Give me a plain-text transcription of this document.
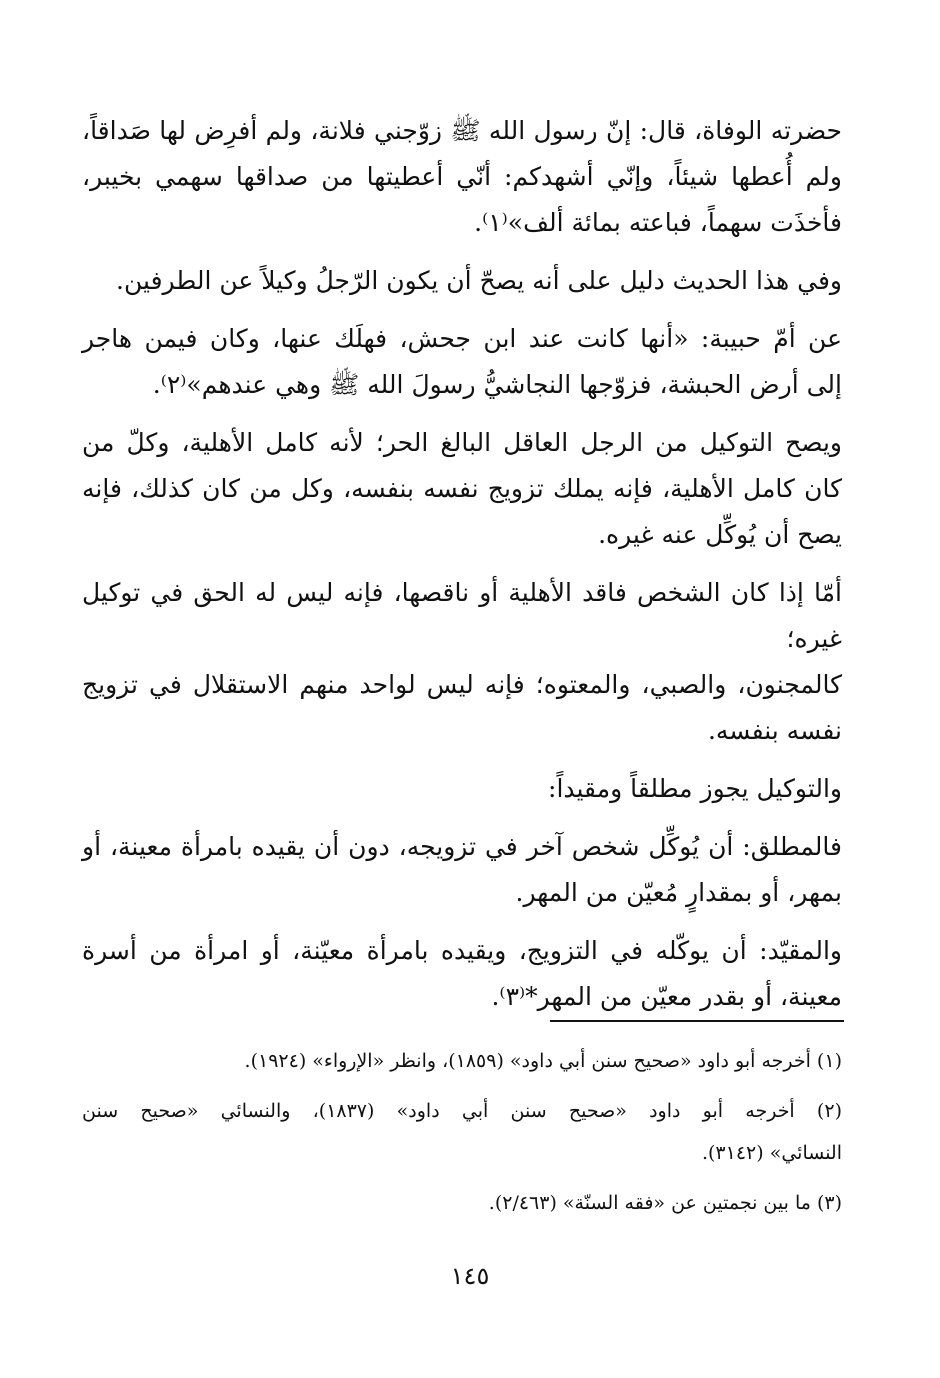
حضرته الوفاة، قال: إنّ رسول الله ﷺ زوّجني فلانة، ولم أفرِض لها صَداقاً،
ولم أُعطها شيئاً، وإنّي أشهدكم: أنّي أعطيتها من صداقها سهمي بخيبر،
فأخذَت سهماً، فباعته بمائة ألف»⁽١⁾.

وفي هذا الحديث دليل على أنه يصحّ أن يكون الرّجلُ وكيلاً عن الطرفين.

عن أمّ حبيبة: «أنها كانت عند ابن جحش، فهلَك عنها، وكان فيمن هاجر
إلى أرض الحبشة، فزوّجها النجاشيُّ رسولَ الله ﷺ وهي عندهم»⁽٢⁾.

ويصح التوكيل من الرجل العاقل البالغ الحر؛ لأنه كامل الأهلية، وكلّ من
كان كامل الأهلية، فإنه يملك تزويج نفسه بنفسه، وكل من كان كذلك، فإنه
يصح أن يُوكِّل عنه غيره.

أمّا إذا كان الشخص فاقد الأهلية أو ناقصها، فإنه ليس له الحق في توكيل غيره؛
كالمجنون، والصبي، والمعتوه؛ فإنه ليس لواحد منهم الاستقلال في تزويج نفسه بنفسه.

والتوكيل يجوز مطلقاً ومقيداً:

فالمطلق: أن يُوكِّل شخص آخر في تزويجه، دون أن يقيده بامرأة معينة، أو
بمهر، أو بمقدارٍ مُعيّن من المهر.

والمقيّد: أن يوكّله في التزويج، ويقيده بامرأة معيّنة، أو امرأة من أسرة
معينة، أو بقدر معيّن من المهر*⁽٣⁾.

(١) أخرجه أبو داود «صحيح سنن أبي داود» (١٨٥٩)، وانظر «الإرواء» (١٩٢٤).

(٢) أخرجه أبو داود «صحيح سنن أبي داود» (١٨٣٧)، والنسائي «صحيح سنن
النسائي» (٣١٤٢).

(٣) ما بين نجمتين عن «فقه السنّة» (٢/٤٦٣).

١٤٥
